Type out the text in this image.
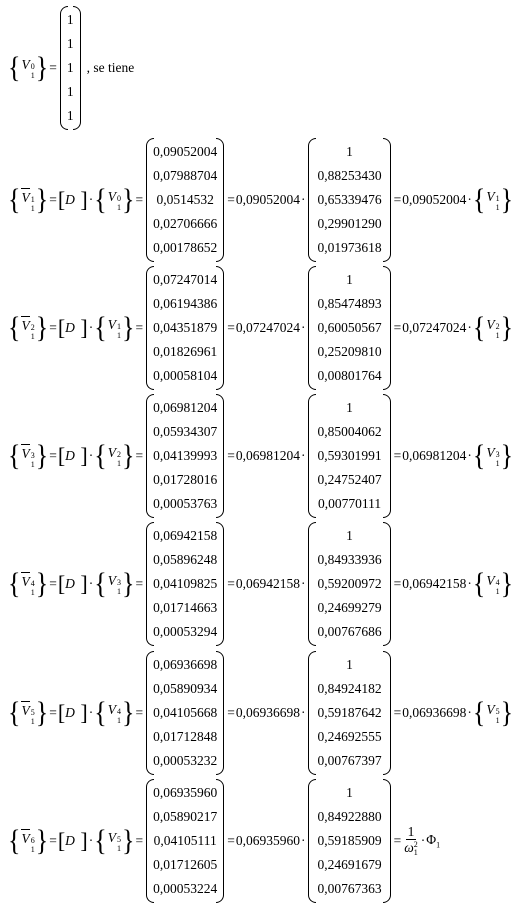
{ V 0
1 } =
1
1
1
1
1
, se tiene
{ V 1
1 } = [ D ] · { V 0
1 } =
0,09052004
0,07988704
0,0514532
0,02706666
0,00178652
= 0,09052004 ·
1
0,88253430
0,65339476
0,29901290
0,01973618
= 0,09052004 · { V 1
1 }
{ V 2
1 } = [ D ] · { V 1
1 } =
0,07247014
0,06194386
0,04351879
0,01826961
0,00058104
= 0,07247024 ·
1
0,85474893
0,60050567
0,25209810
0,00801764
= 0,07247024 · { V 2
1 }
{ V 3
1 } = [ D ] · { V 2
1 } =
0,06981204
0,05934307
0,04139993
0,01728016
0,00053763
= 0,06981204 ·
1
0,85004062
0,59301991
0,24752407
0,00770111
= 0,06981204 · { V 3
1 }
{ V 4
1 } = [ D ] · { V 3
1 } =
0,06942158
0,05896248
0,04109825
0,01714663
0,00053294
= 0,06942158 ·
1
0,84933936
0,59200972
0,24699279
0,00767686
= 0,06942158 · { V 4
1 }
{ V 5
1 } = [ D ] · { V 4
1 } =
0,06936698
0,05890934
0,04105668
0,01712848
0,00053232
= 0,06936698 ·
1
0,84924182
0,59187642
0,24692555
0,00767397
= 0,06936698 · { V 5
1 }
{ V 6
1 } = [ D ] · { V 5
1 } =
0,06935960
0,05890217
0,04105111
0,01712605
0,00053224
= 0,06935960 ·
1
0,84922880
0,59185909
0,24691679
0,00767363
= 1
ω 2
$1 \cdot \Phi_1$
